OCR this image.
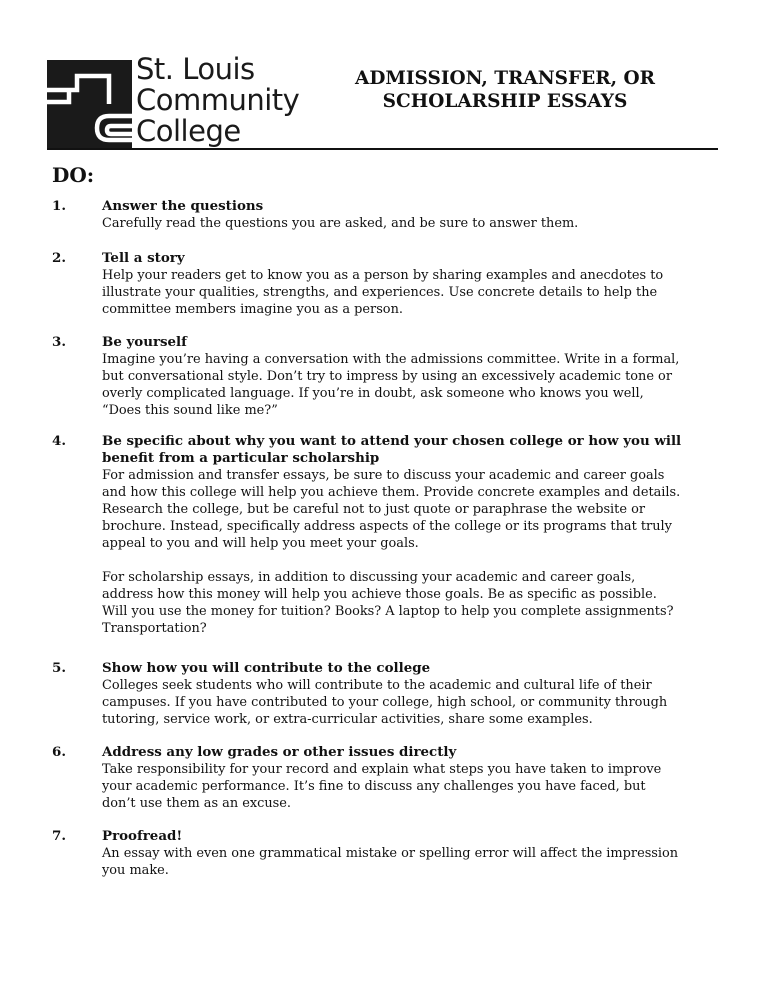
St. Louis
Community
College
ADMISSION, TRANSFER, OR
SCHOLARSHIP ESSAYS
DO:
1.	Answer the questions
Carefully read the questions you are asked, and be sure to answer them.
2.	Tell a story
Help your readers get to know you as a person by sharing examples and anecdotes to illustrate your qualities, strengths, and experiences. Use concrete details to help the committee members imagine you as a person.
3.	Be yourself
Imagine you’re having a conversation with the admissions committee. Write in a formal, but conversational style. Don’t try to impress by using an excessively academic tone or overly complicated language. If you’re in doubt, ask someone who knows you well, “Does this sound like me?”
4.	Be specific about why you want to attend your chosen college or how you will benefit from a particular scholarship
For admission and transfer essays, be sure to discuss your academic and career goals and how this college will help you achieve them. Provide concrete examples and details. Research the college, but be careful not to just quote or paraphrase the website or brochure. Instead, specifically address aspects of the college or its programs that truly appeal to you and will help you meet your goals.
For scholarship essays, in addition to discussing your academic and career goals, address how this money will help you achieve those goals. Be as specific as possible. Will you use the money for tuition? Books? A laptop to help you complete assignments? Transportation?
5.	Show how you will contribute to the college
Colleges seek students who will contribute to the academic and cultural life of their campuses. If you have contributed to your college, high school, or community through tutoring, service work, or extra-curricular activities, share some examples.
6.	Address any low grades or other issues directly
Take responsibility for your record and explain what steps you have taken to improve your academic performance. It’s fine to discuss any challenges you have faced, but don’t use them as an excuse.
7.	Proofread!
An essay with even one grammatical mistake or spelling error will affect the impression you make.
